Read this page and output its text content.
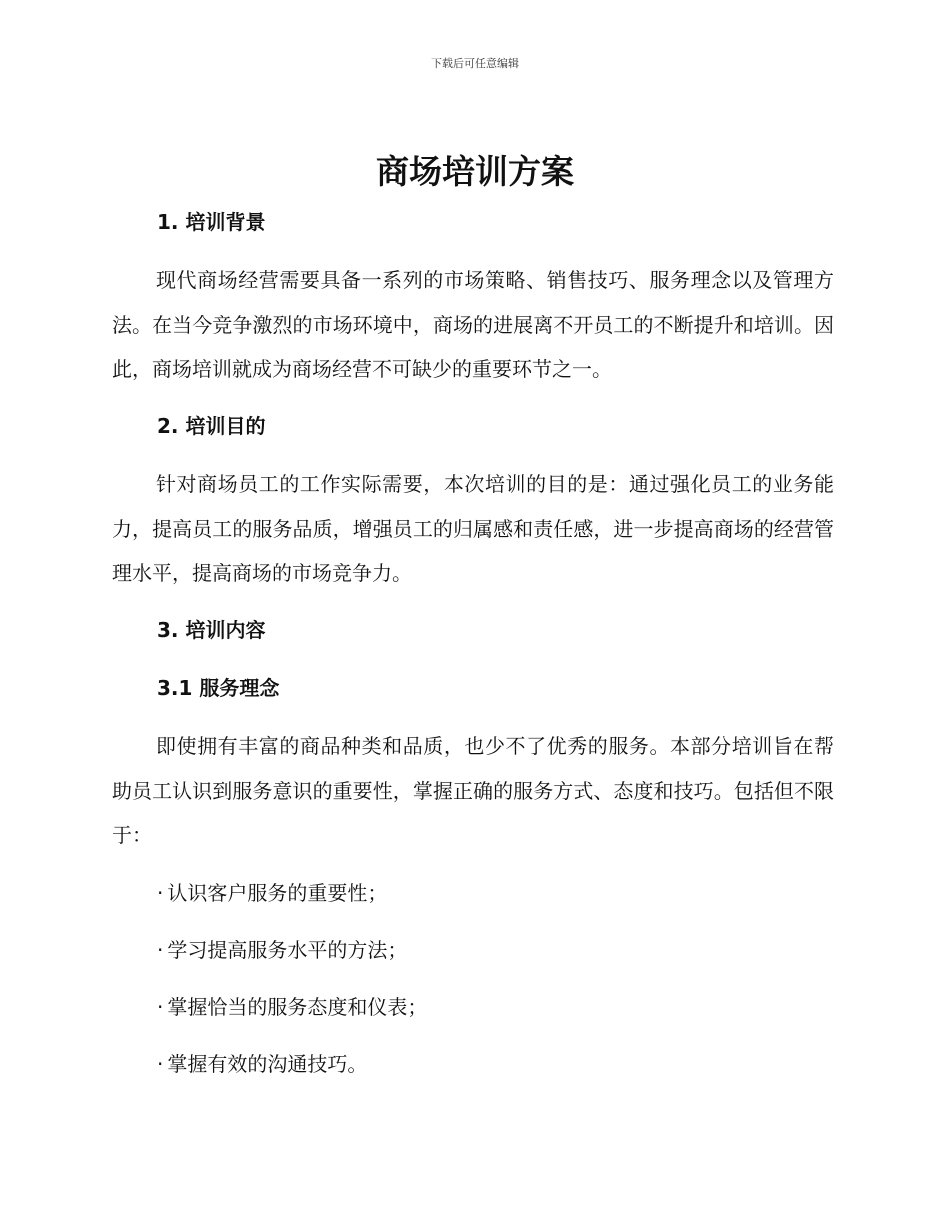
下载后可任意编辑
商场培训方案
1. 培训背景

现代商场经营需要具备一系列的市场策略、销售技巧、服务理念以及管理方法。在当今竞争激烈的市场环境中，商场的进展离不开员工的不断提升和培训。因此，商场培训就成为商场经营不可缺少的重要环节之一。

2. 培训目的

针对商场员工的工作实际需要，本次培训的目的是：通过强化员工的业务能力，提高员工的服务品质，增强员工的归属感和责任感，进一步提高商场的经营管理水平，提高商场的市场竞争力。

3. 培训内容
3.1 服务理念

即使拥有丰富的商品种类和品质，也少不了优秀的服务。本部分培训旨在帮助员工认识到服务意识的重要性，掌握正确的服务方式、态度和技巧。包括但不限于：

· 认识客户服务的重要性；
· 学习提高服务水平的方法；
· 掌握恰当的服务态度和仪表；
· 掌握有效的沟通技巧。
